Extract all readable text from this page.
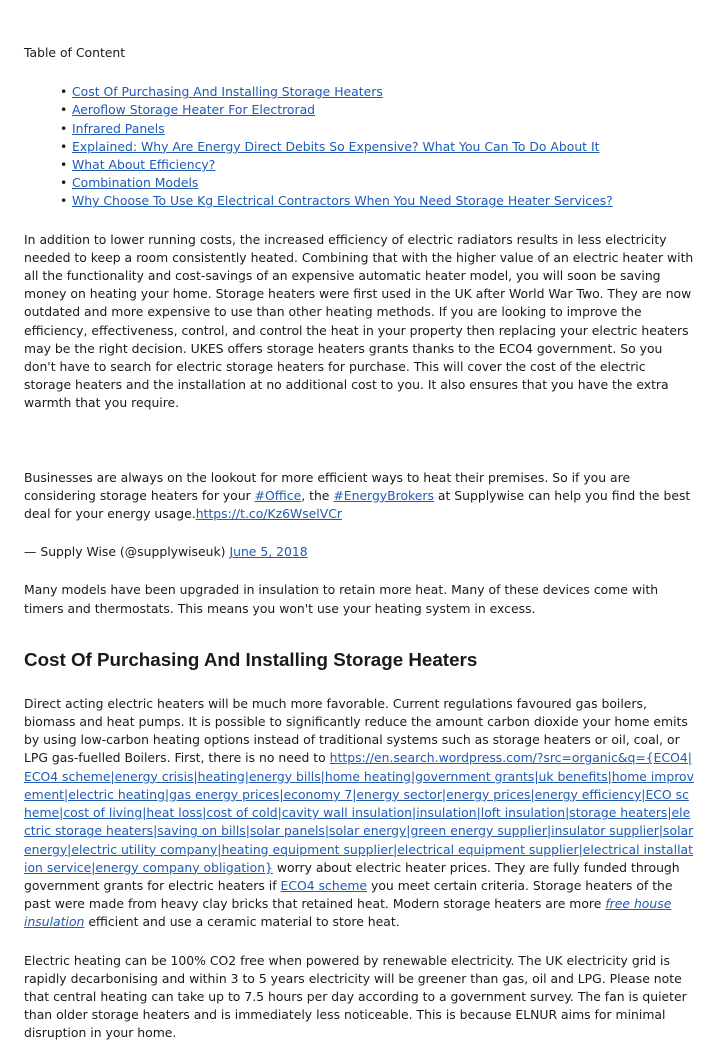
Table of Content

• Cost Of Purchasing And Installing Storage Heaters
• Aeroflow Storage Heater For Electrorad
• Infrared Panels
• Explained: Why Are Energy Direct Debits So Expensive? What You Can To Do About It
• What About Efficiency?
• Combination Models
• Why Choose To Use Kg Electrical Contractors When You Need Storage Heater Services?

In addition to lower running costs, the increased efficiency of electric radiators results in less electricity needed to keep a room consistently heated. Combining that with the higher value of an electric heater with all the functionality and cost-savings of an expensive automatic heater model, you will soon be saving money on heating your home. Storage heaters were first used in the UK after World War Two. They are now outdated and more expensive to use than other heating methods. If you are looking to improve the efficiency, effectiveness, control, and control the heat in your property then replacing your electric heaters may be the right decision. UKES offers storage heaters grants thanks to the ECO4 government. So you don't have to search for electric storage heaters for purchase. This will cover the cost of the electric storage heaters and the installation at no additional cost to you. It also ensures that you have the extra warmth that you require.

Businesses are always on the lookout for more efficient ways to heat their premises. So if you are considering storage heaters for your #Office, the #EnergyBrokers at Supplywise can help you find the best deal for your energy usage.https://t.co/Kz6WselVCr

— Supply Wise (@supplywiseuk) June 5, 2018

Many models have been upgraded in insulation to retain more heat. Many of these devices come with timers and thermostats. This means you won't use your heating system in excess.

Cost Of Purchasing And Installing Storage Heaters

Direct acting electric heaters will be much more favorable. Current regulations favoured gas boilers, biomass and heat pumps. It is possible to significantly reduce the amount carbon dioxide your home emits by using low-carbon heating options instead of traditional systems such as storage heaters or oil, coal, or LPG gas-fuelled Boilers. First, there is no need to https://en.search.wordpress.com/?src=organic&q={ECO4|ECO4 scheme|energy crisis|heating|energy bills|home heating|government grants|uk benefits|home improvement|electric heating|gas energy prices|economy 7|energy sector|energy prices|energy efficiency|ECO scheme|cost of living|heat loss|cost of cold|cavity wall insulation|insulation|loft insulation|storage heaters|electric storage heaters|saving on bills|solar panels|solar energy|green energy supplier|insulator supplier|solar energy|electric utility company|heating equipment supplier|electrical equipment supplier|electrical installation service|energy company obligation} worry about electric heater prices. They are fully funded through government grants for electric heaters if ECO4 scheme you meet certain criteria. Storage heaters of the past were made from heavy clay bricks that retained heat. Modern storage heaters are more free house insulation efficient and use a ceramic material to store heat.

Electric heating can be 100% CO2 free when powered by renewable electricity. The UK electricity grid is rapidly decarbonising and within 3 to 5 years electricity will be greener than gas, oil and LPG. Please note that central heating can take up to 7.5 hours per day according to a government survey. The fan is quieter than older storage heaters and is immediately less noticeable. This is because ELNUR aims for minimal disruption in your home.
